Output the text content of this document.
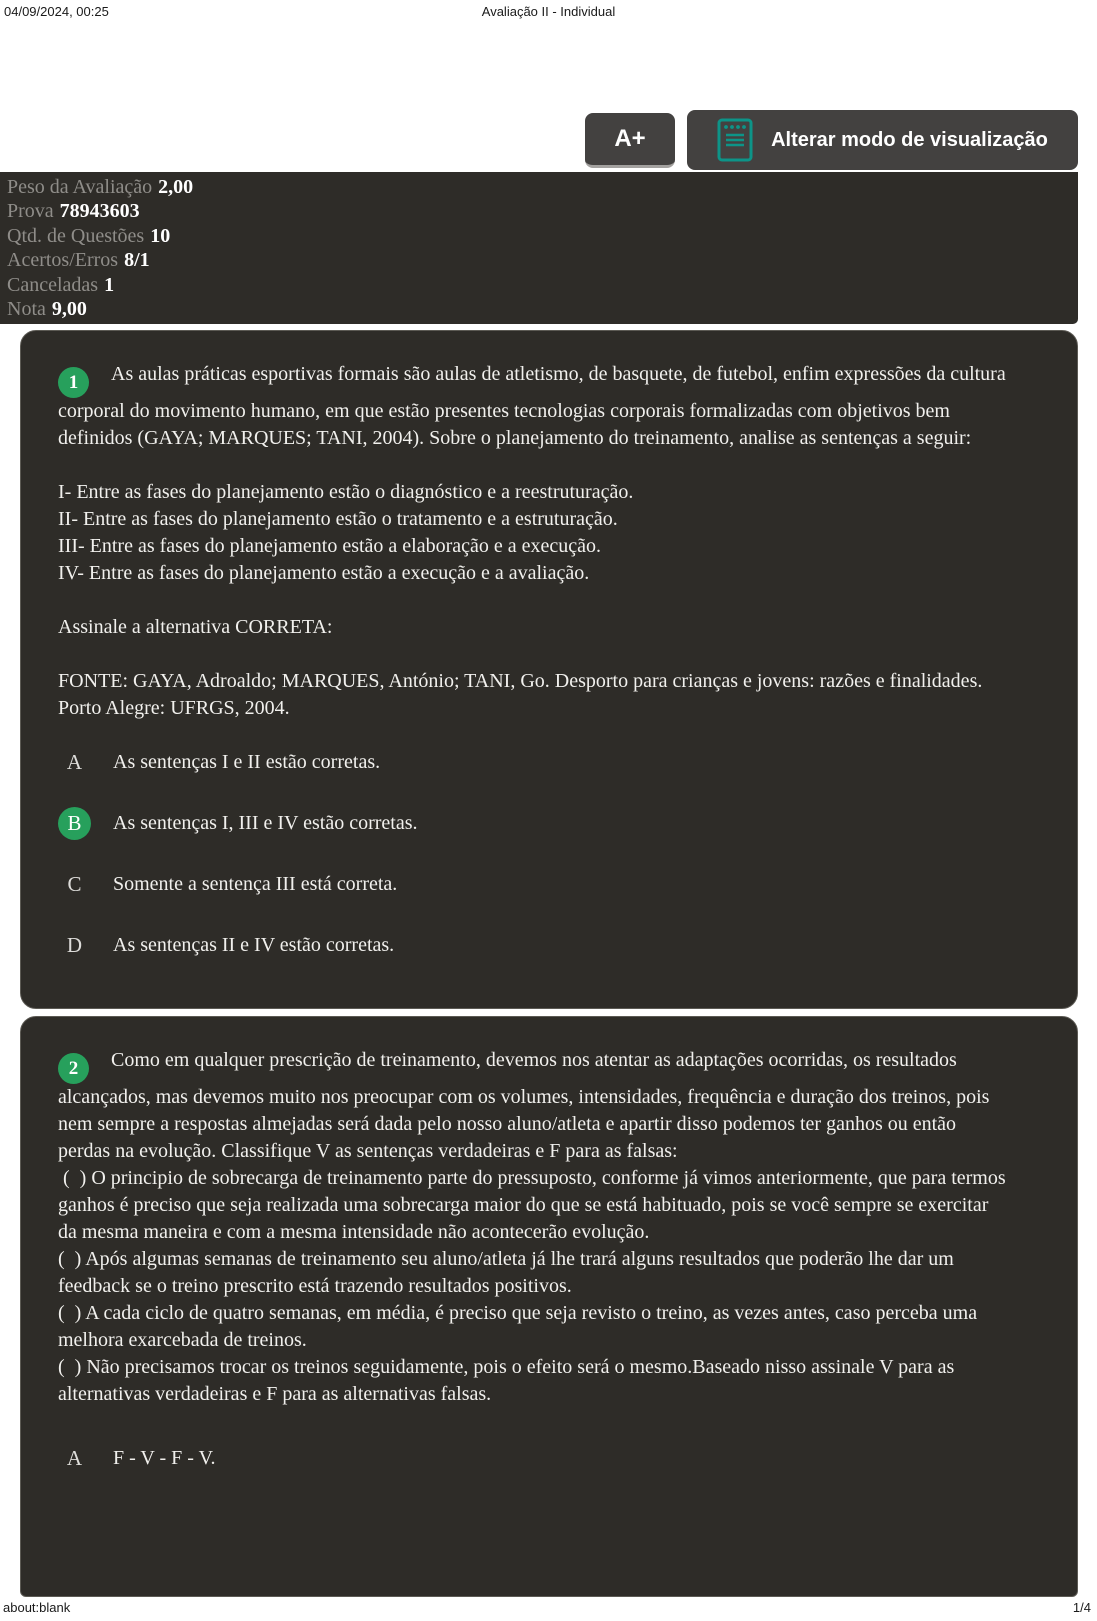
04/09/2024, 00:25	Avaliação II - Individual
A+	Alterar modo de visualização
Peso da Avaliação 2,00
Prova 78943603
Qtd. de Questões 10
Acertos/Erros 8/1
Canceladas 1
Nota 9,00

1 As aulas práticas esportivas formais são aulas de atletismo, de basquete, de futebol, enfim expressões da cultura corporal do movimento humano, em que estão presentes tecnologias corporais formalizadas com objetivos bem definidos (GAYA; MARQUES; TANI, 2004). Sobre o planejamento do treinamento, analise as sentenças a seguir:

I- Entre as fases do planejamento estão o diagnóstico e a reestruturação.

II- Entre as fases do planejamento estão o tratamento e a estruturação.

III- Entre as fases do planejamento estão a elaboração e a execução.

IV- Entre as fases do planejamento estão a execução e a avaliação.

Assinale a alternativa CORRETA:

FONTE: GAYA, Adroaldo; MARQUES, António; TANI, Go. Desporto para crianças e jovens: razões e finalidades. Porto Alegre: UFRGS, 2004.

A	As sentenças I e II estão corretas.
B	As sentenças I, III e IV estão corretas.
C	Somente a sentença III está correta.
D	As sentenças II e IV estão corretas.

2 Como em qualquer prescrição de treinamento, devemos nos atentar as adaptações ocorridas, os resultados alcançados, mas devemos muito nos preocupar com os volumes, intensidades, frequência e duração dos treinos, pois nem sempre a respostas almejadas será dada pelo nosso aluno/atleta e apartir disso podemos ter ganhos ou então perdas na evolução. Classifique V as sentenças verdadeiras e F para as falsas:

(  ) O principio de sobrecarga de treinamento parte do pressuposto, conforme já vimos anteriormente, que para termos ganhos é preciso que seja realizada uma sobrecarga maior do que se está habituado, pois se você sempre se exercitar da mesma maneira e com a mesma intensidade não acontecerão evolução.

(  ) Após algumas semanas de treinamento seu aluno/atleta já lhe trará alguns resultados que poderão lhe dar um feedback se o treino prescrito está trazendo resultados positivos.

(  ) A cada ciclo de quatro semanas, em média, é preciso que seja revisto o treino, as vezes antes, caso perceba uma melhora exarcebada de treinos.

(  ) Não precisamos trocar os treinos seguidamente, pois o efeito será o mesmo.Baseado nisso assinale V para as alternativas verdadeiras e F para as alternativas falsas.

A	F - V - F - V.
about:blank	1/4
